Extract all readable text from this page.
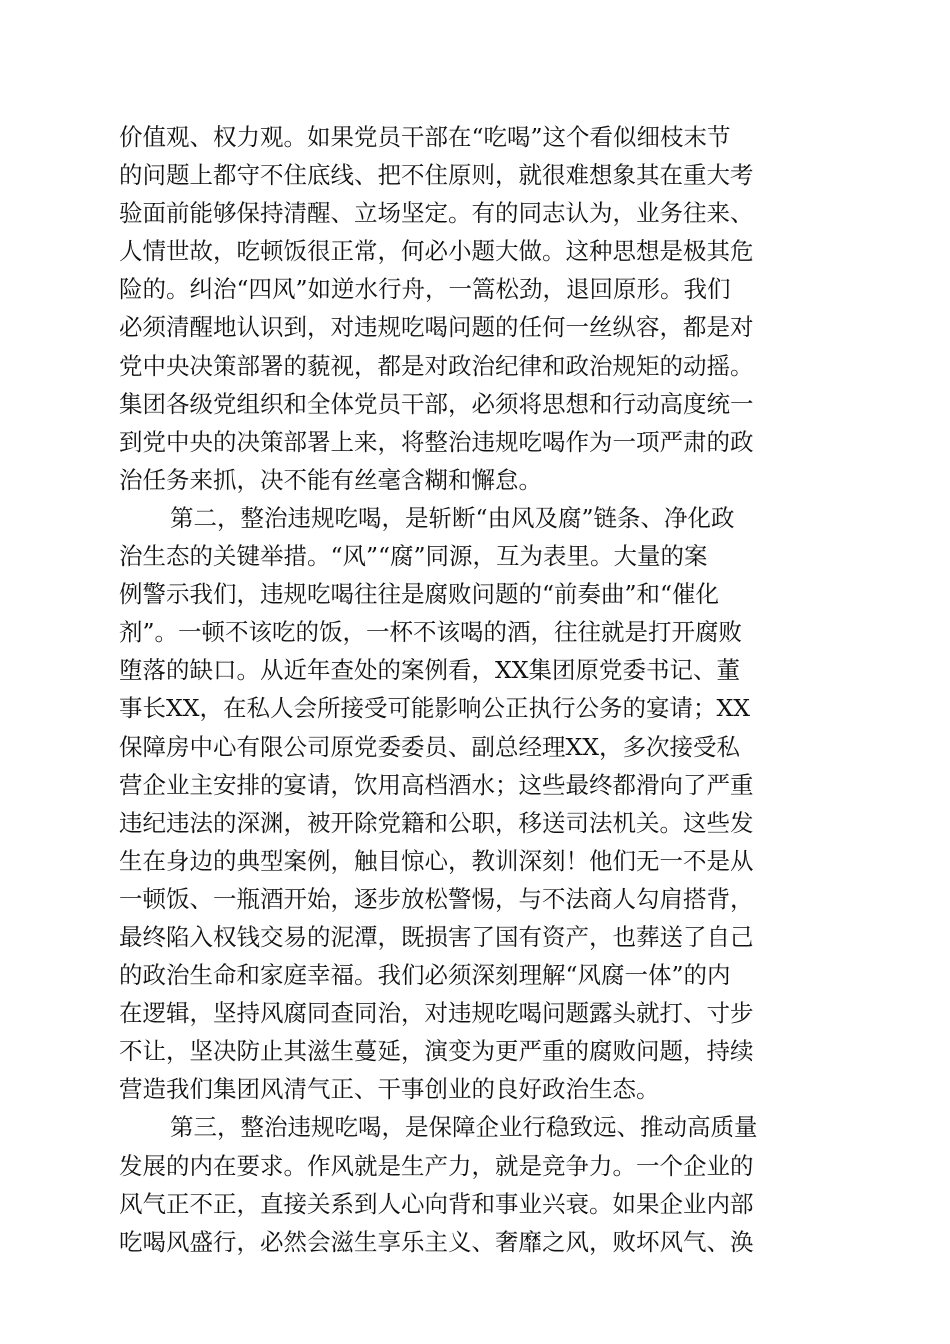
价值观、权力观。如果党员干部在“吃喝”这个看似细枝末节
的问题上都守不住底线、把不住原则，就很难想象其在重大考
验面前能够保持清醒、立场坚定。有的同志认为，业务往来、
人情世故，吃顿饭很正常，何必小题大做。这种思想是极其危
险的。纠治“四风”如逆水行舟，一篙松劲，退回原形。我们
必须清醒地认识到，对违规吃喝问题的任何一丝纵容，都是对
党中央决策部署的藐视，都是对政治纪律和政治规矩的动摇。
集团各级党组织和全体党员干部，必须将思想和行动高度统一
到党中央的决策部署上来，将整治违规吃喝作为一项严肃的政
治任务来抓，决不能有丝毫含糊和懈怠。
第二，整治违规吃喝，是斩断“由风及腐”链条、净化政
治生态的关键举措。“风”“腐”同源，互为表里。大量的案
例警示我们，违规吃喝往往是腐败问题的“前奏曲”和“催化
剂”。一顿不该吃的饭，一杯不该喝的酒，往往就是打开腐败
堕落的缺口。从近年查处的案例看，XX集团原党委书记、董
事长XX，在私人会所接受可能影响公正执行公务的宴请；XX
保障房中心有限公司原党委委员、副总经理XX，多次接受私
营企业主安排的宴请，饮用高档酒水；这些最终都滑向了严重
违纪违法的深渊，被开除党籍和公职，移送司法机关。这些发
生在身边的典型案例，触目惊心，教训深刻！他们无一不是从
一顿饭、一瓶酒开始，逐步放松警惕，与不法商人勾肩搭背，
最终陷入权钱交易的泥潭，既损害了国有资产，也葬送了自己
的政治生命和家庭幸福。我们必须深刻理解“风腐一体”的内
在逻辑，坚持风腐同查同治，对违规吃喝问题露头就打、寸步
不让，坚决防止其滋生蔓延，演变为更严重的腐败问题，持续
营造我们集团风清气正、干事创业的良好政治生态。
第三，整治违规吃喝，是保障企业行稳致远、推动高质量
发展的内在要求。作风就是生产力，就是竞争力。一个企业的
风气正不正，直接关系到人心向背和事业兴衰。如果企业内部
吃喝风盛行，必然会滋生享乐主义、奢靡之风，败坏风气、涣
